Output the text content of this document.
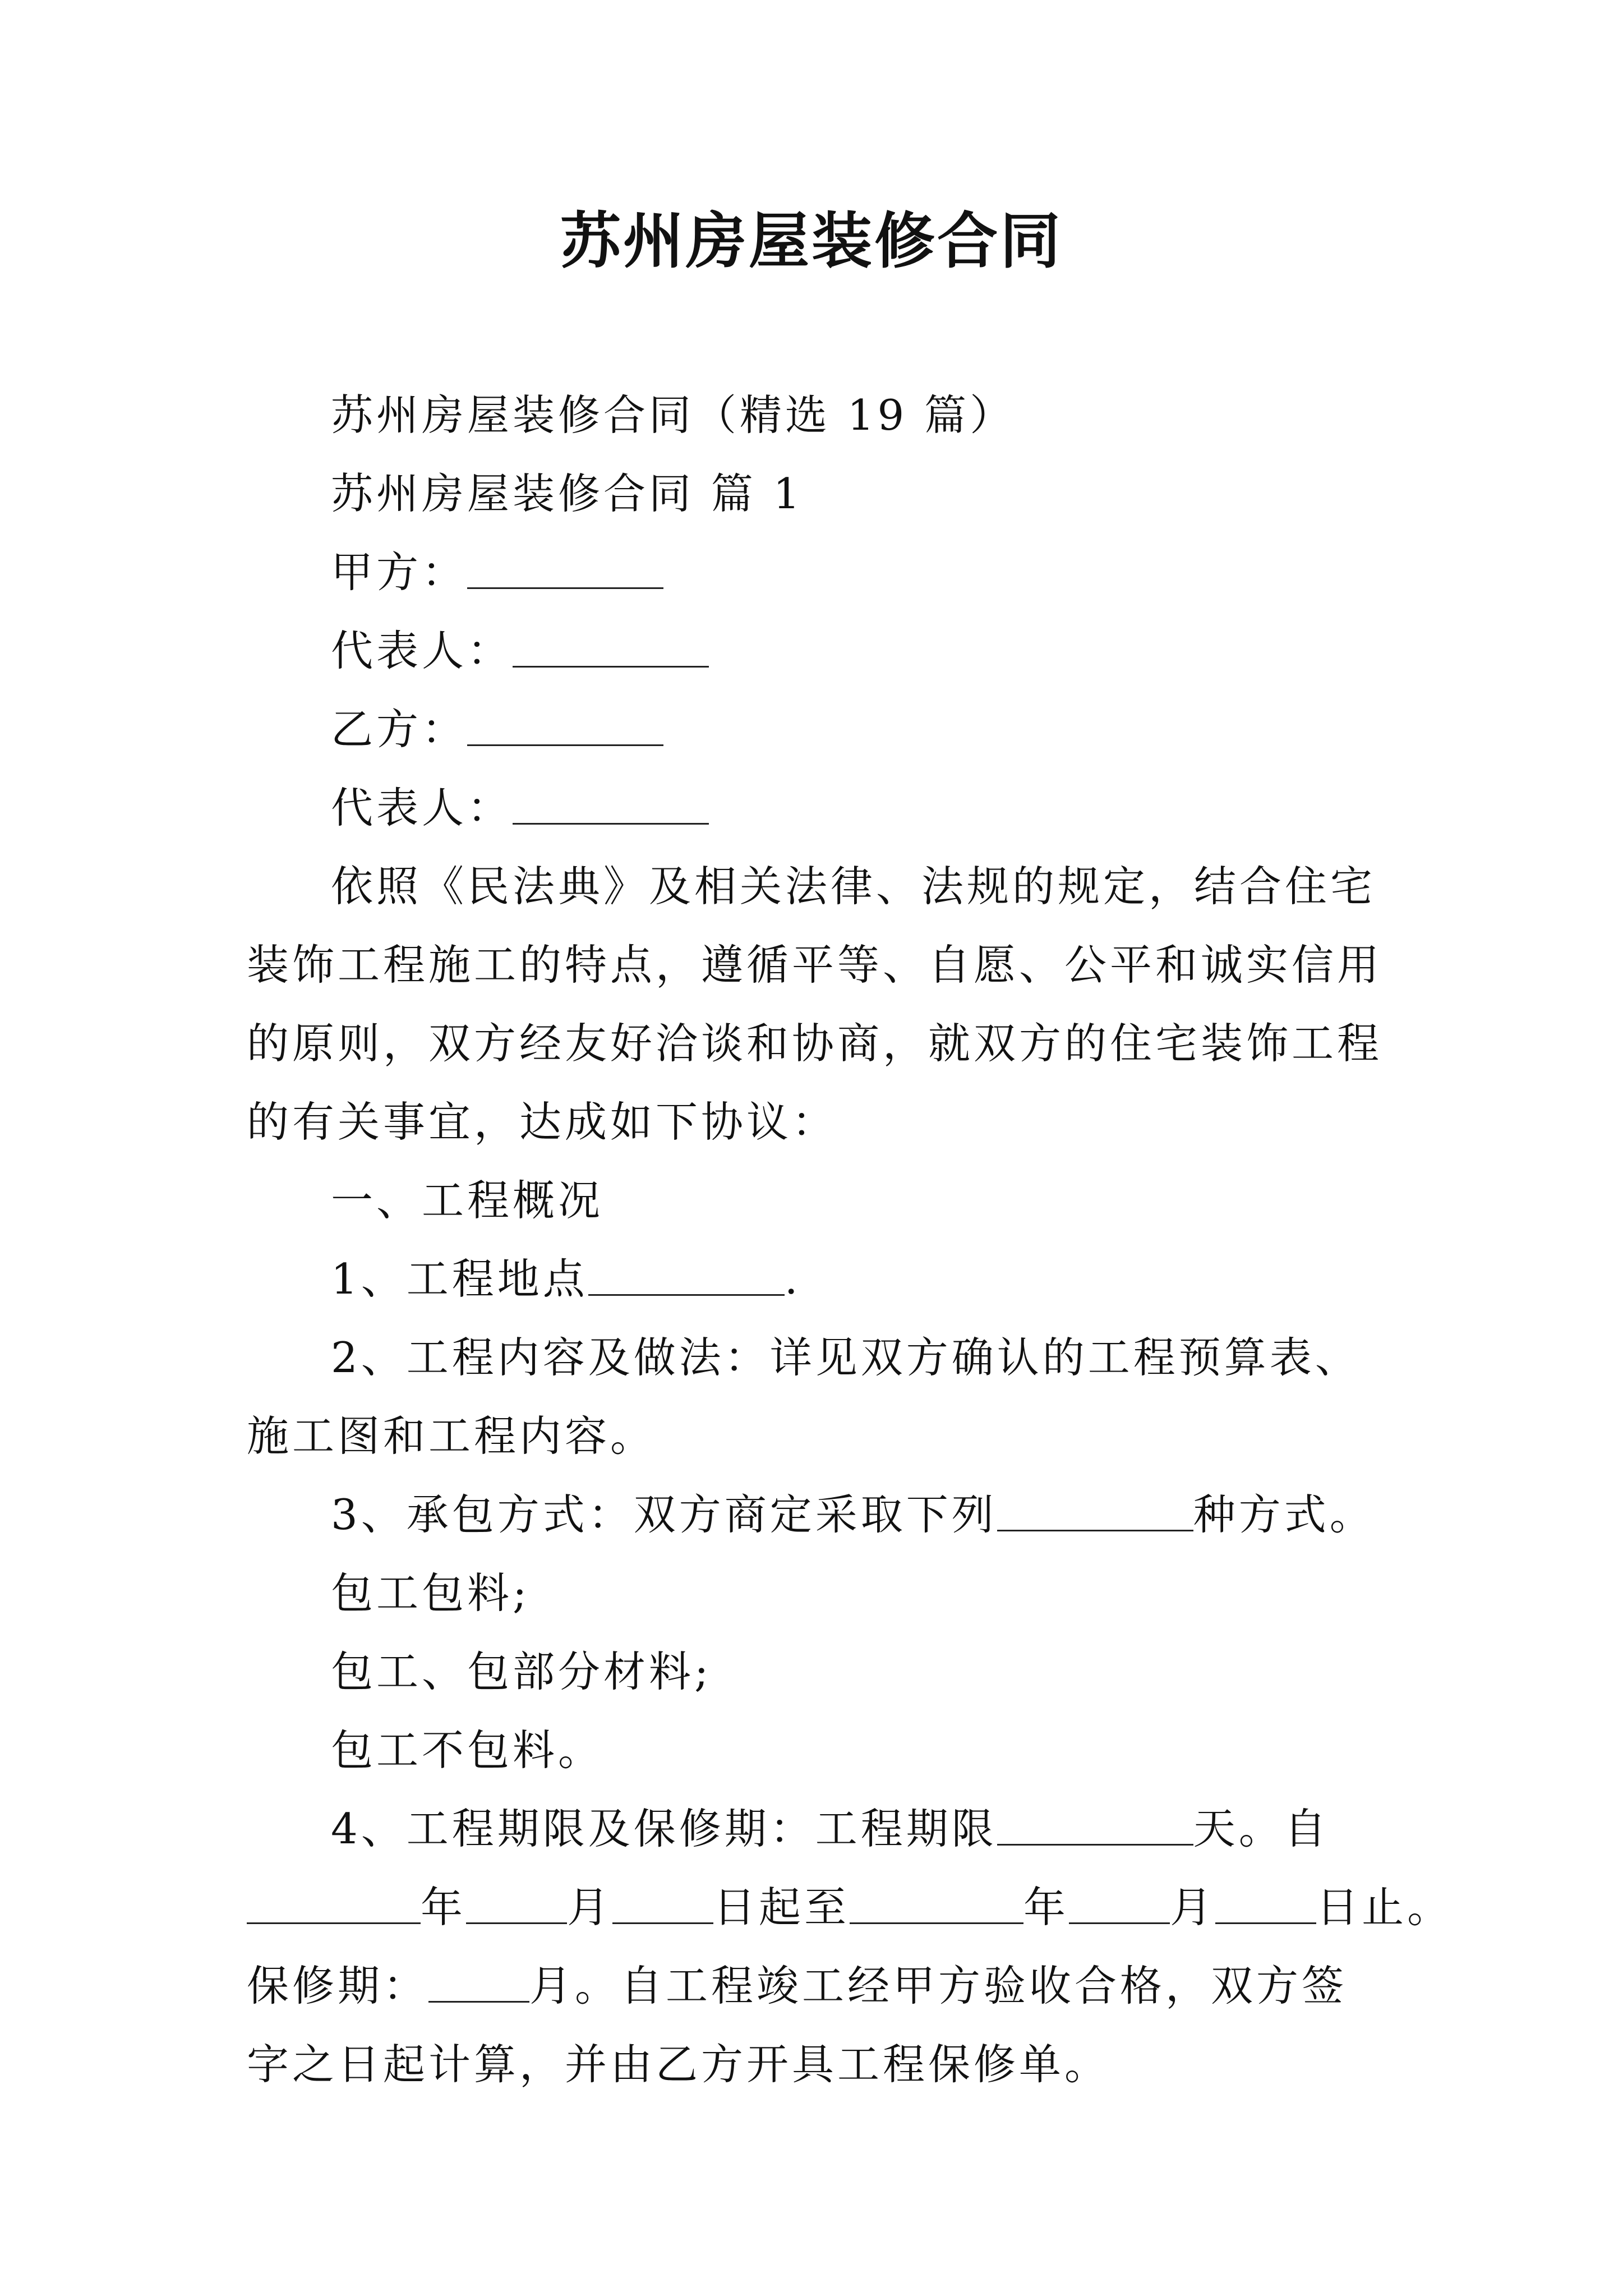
苏州房屋装修合同

苏州房屋装修合同（精选 19 篇）

苏州房屋装修合同 篇 1

甲方：

代表人：

乙方：

代表人：

依照《民法典》及相关法律、法规的规定，结合住宅装饰工程施工的特点，遵循平等、自愿、公平和诚实信用的原则，双方经友好洽谈和协商，就双方的住宅装饰工程的有关事宜，达成如下协议：

一、工程概况

1、工程地点	.

2、工程内容及做法：详见双方确认的工程预算表、施工图和工程内容。

3、承包方式：双方商定采取下列	种方式。

包工包料;

包工、包部分材料;

包工不包料。

4、工程期限及保修期：工程期限	天。自

年 月 日起至	年 月 日止。

保修期： 月。自工程竣工经甲方验收合格，双方签字之日起计算，并由乙方开具工程保修单。
